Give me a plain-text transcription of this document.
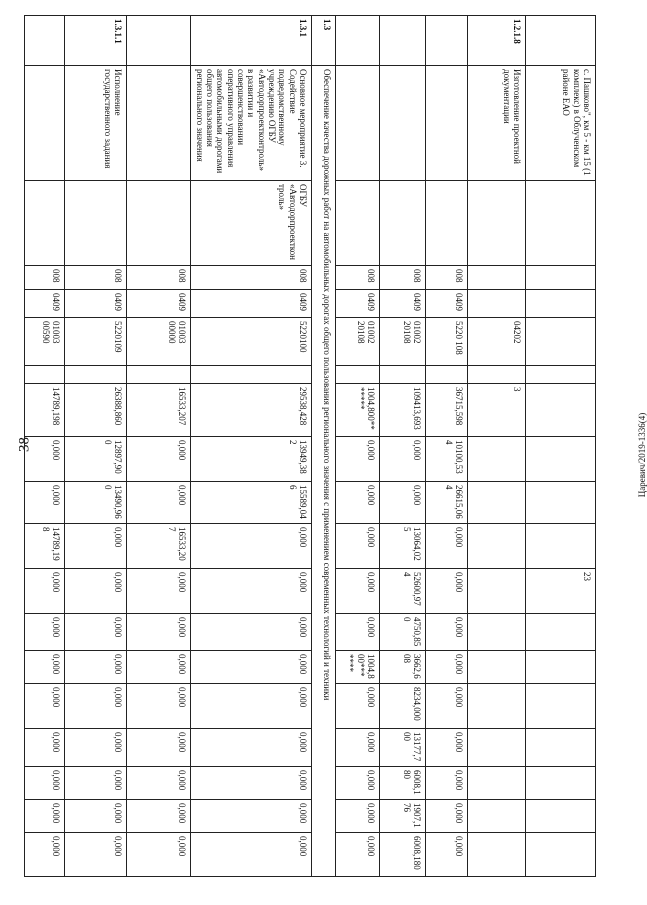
38	Царевич/2019-1336(4)
	с. Пашково", км 5 - км 15 (1 комплекс) в Облученском районе ЕАО										23							
1.2.1.8	Изготовление проектной документации				04202		3											
			008	0409	5220 108		36715,598	10100,534	26615,064	0,000	0,000	0,000	0,000	0,000	0,000	0,000	0,000	0,000
			008	0409	01002 20108		109413,693	0,000	0,000	13064,025	52600,974	4750,850	3662,608	8234,000	13177,700	6008,180	1907,176	6008,180
			008	0409	01002 20108		1004,800*******	0,000	0,000	0,000	0,000	0,000	1004,800*******	0,000	0,000	0,000	0,000	0,000
1.3	Обеспечение качества дорожных работ на автомобильных дорогах общего пользования регионального значения с применением современных технологий и техники																	
1.3.1	Основное мероприятие 3. Содействие подведомственному учреждению ОГБУ «Автодорпроектконтроль» в развитии и совершенствовании оперативного управления автомобильными дорогами общего пользования регионального значения	ОГБУ «Автодорпроектконтроль»	008	0409	5220100		29538,428	13949,382	15589,046	0,000	0,000	0,000	0,000	0,000	0,000	0,000	0,000	0,000
			008	0409	01003 00000		16533,207	0,000	0,000	16533,207	0,000	0,000	0,000	0,000	0,000	0,000	0,000	0,000
1.3.1.1	Исполнение государственного задания		008	0409	5220109		26388,860	12897,900	13490,960	0,000	0,000	0,000	0,000	0,000	0,000	0,000	0,000	0,000
			008	0409	01003 00590		14789,198	0,000	0,000	14789,198	0,000	0,000	0,000	0,000	0,000	0,000	0,000	0,000
